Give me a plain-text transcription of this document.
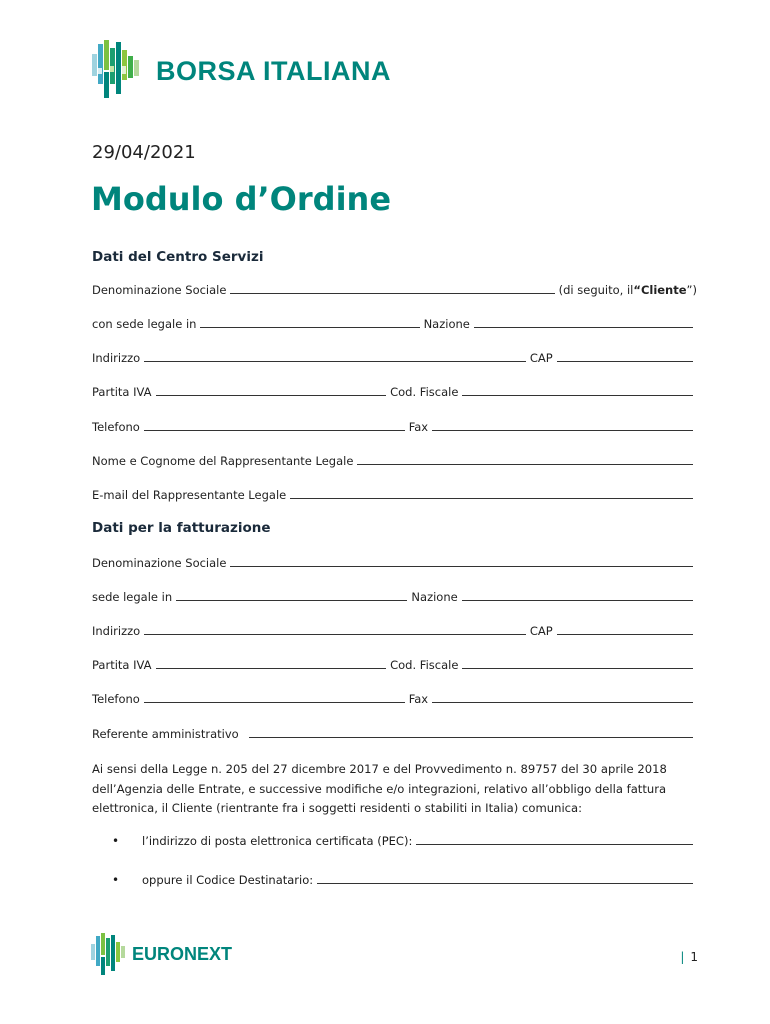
BORSA ITALIANA
29/04/2021
Modulo d’Ordine
Dati del Centro Servizi
Denominazione Sociale	(di seguito, il “ Cliente ”)
con sede legale in	Nazione
Indirizzo	CAP
Partita IVA	Cod. Fiscale
Telefono	Fax
Nome e Cognome del Rappresentante Legale
E-mail del Rappresentante Legale
Dati per la fatturazione
Denominazione Sociale
sede legale in	Nazione
Indirizzo	CAP
Partita IVA	Cod. Fiscale
Telefono	Fax
Referente amministrativo
Ai sensi della Legge n. 205 del 27 dicembre 2017 e del Provvedimento n. 89757 del 30 aprile 2018 dell’Agenzia delle Entrate, e successive modifiche e/o integrazioni, relativo all’obbligo della fattura elettronica, il Cliente (rientrante fra i soggetti residenti o stabiliti in Italia) comunica:
•	l’indirizzo di posta elettronica certificata (PEC):
•	oppure il Codice Destinatario:
EURONEXT	| 1
